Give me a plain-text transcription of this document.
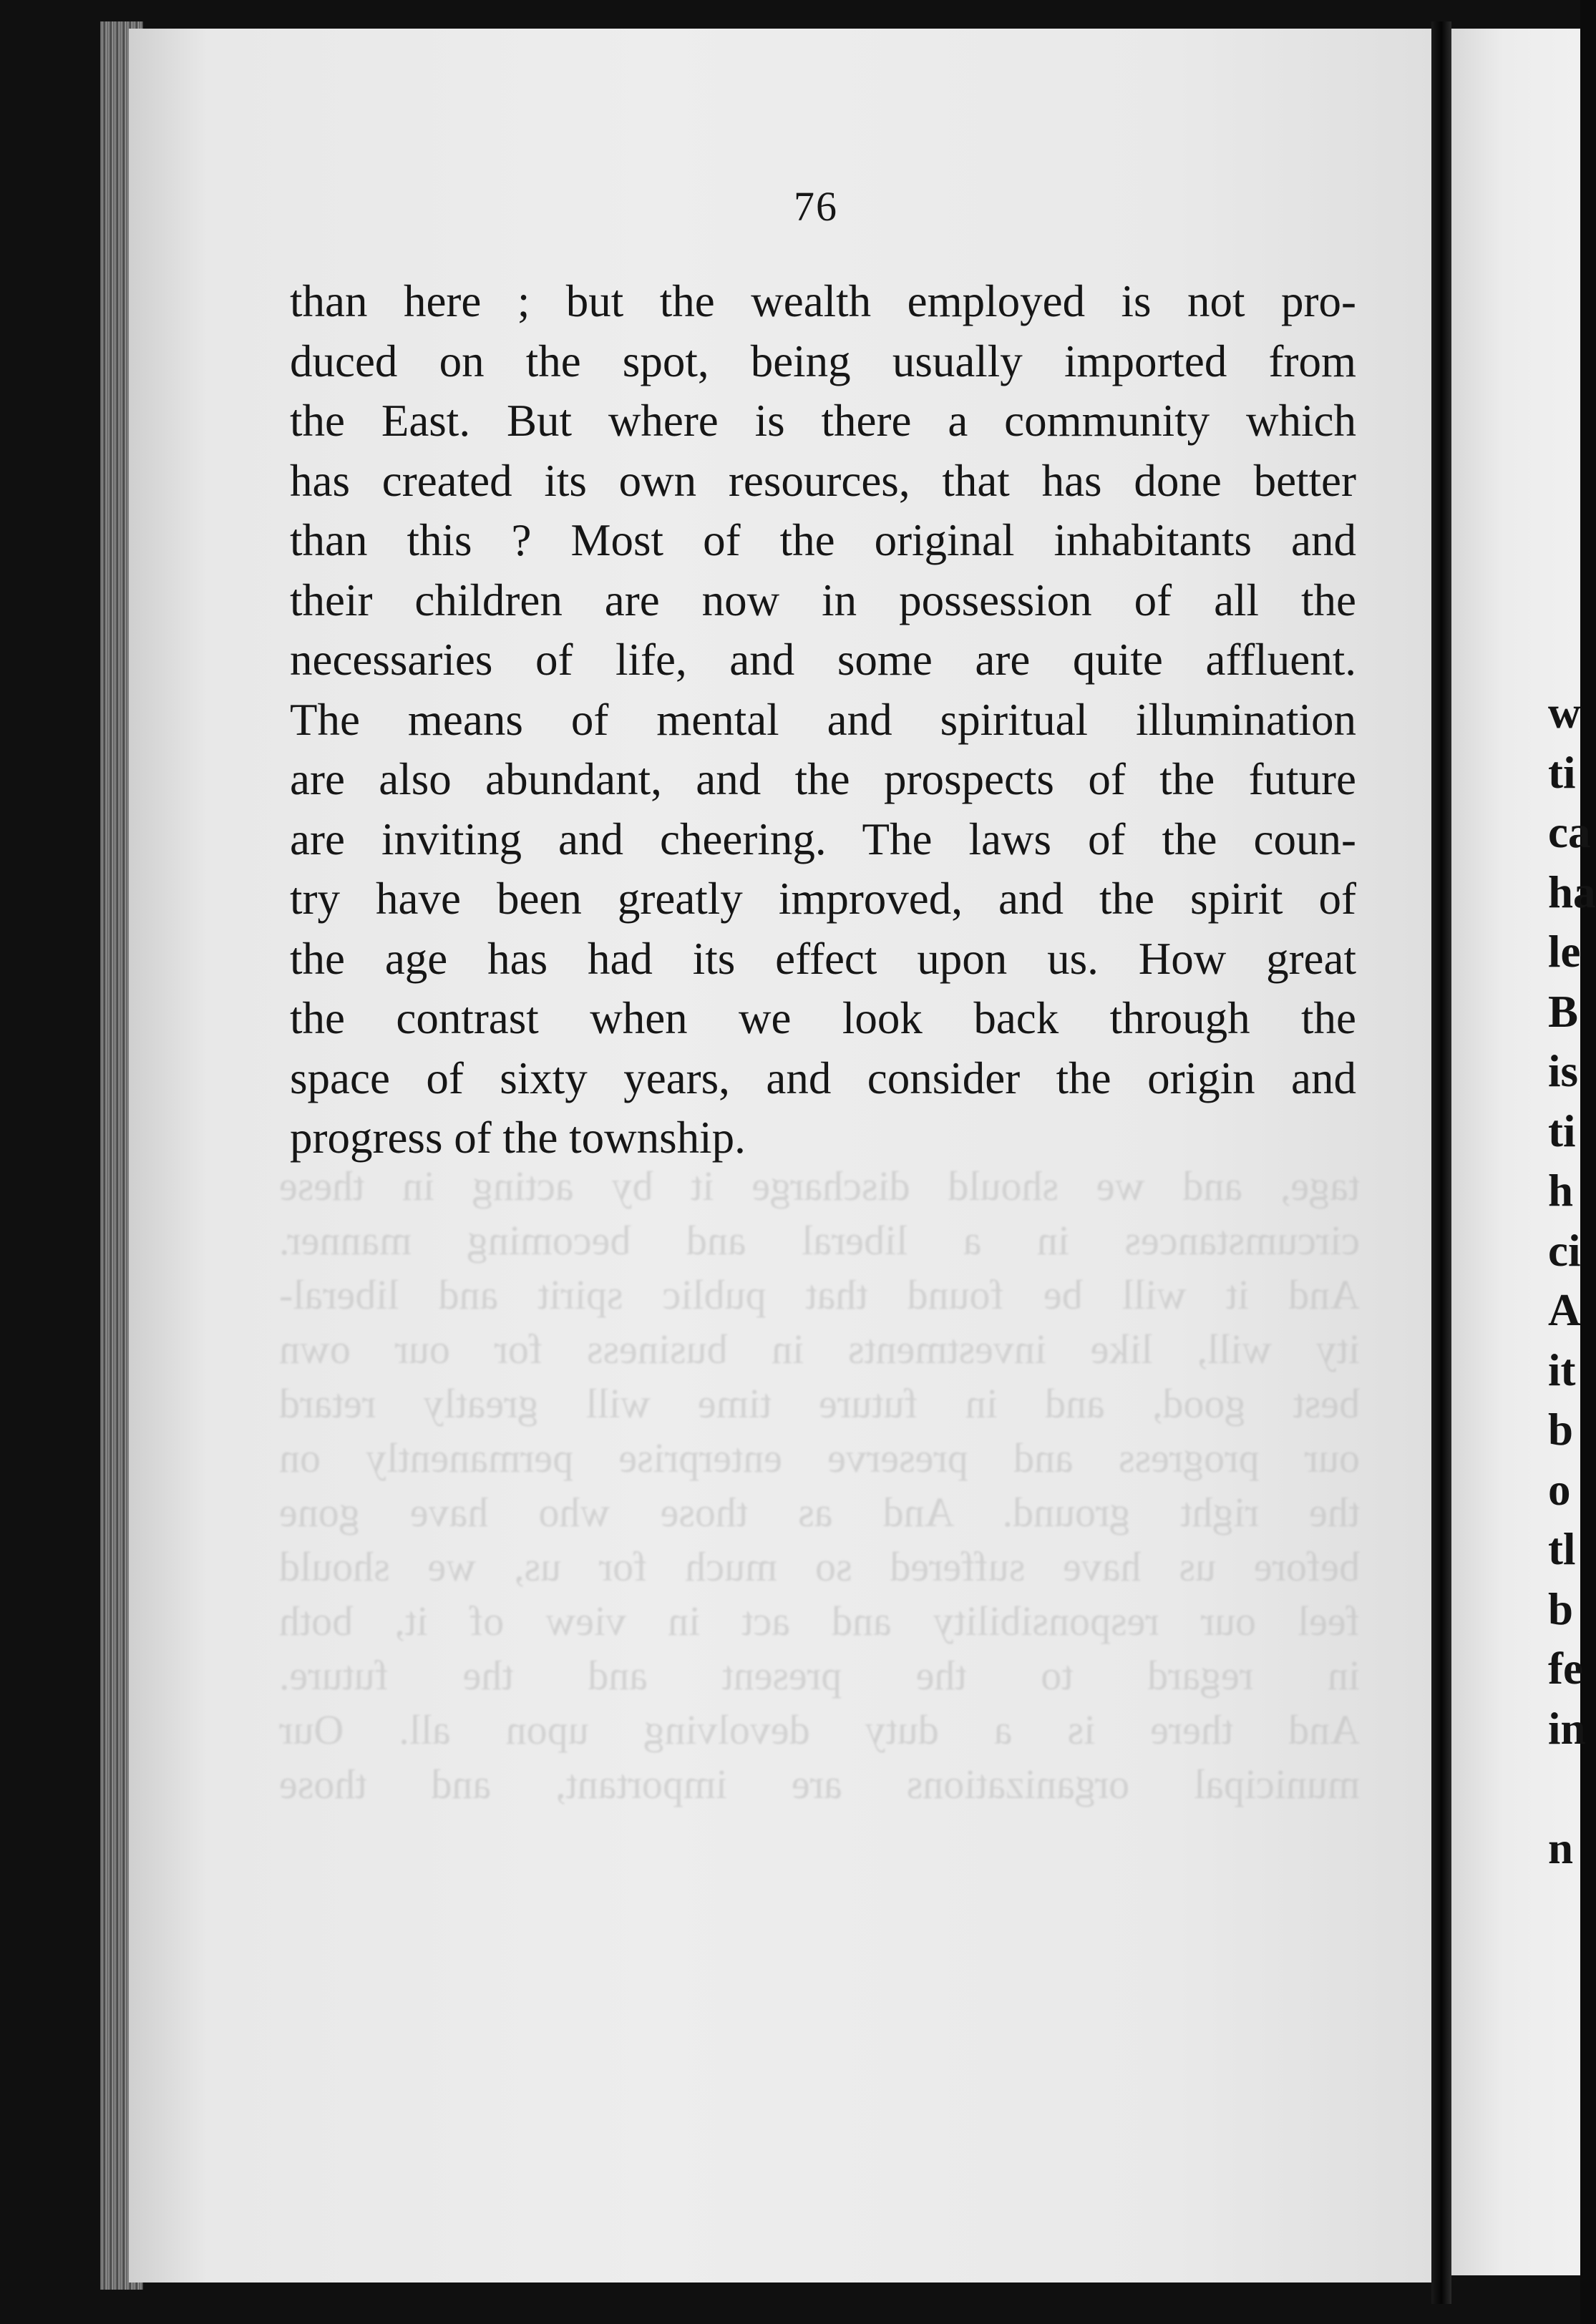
tage, and we should discharge it by acting in these
circumstances in a liberal and becoming manner.
And it will be found that public spirit and liberal-
ity will, like investments in business for our own
best good, and in future time will greatly retard
our progress and preserve enterprise permanently on
the right ground. And as those who have gone
before us have suffered so much for us, we should
feel our responsibility and act in view of it, both
in regard to the present and the future.
And there is a duty devolving upon all. Our
municipal organizations are important, and those
76
than here ; but the wealth employed is not pro-
duced on the spot, being usually imported from
the East. But where is there a community which
has created its own resources, that has done better
than this ? Most of the original inhabitants and
their children are now in possession of all the
necessaries of life, and some are quite affluent.
The means of mental and spiritual illumination
are also abundant, and the prospects of the future
are inviting and cheering. The laws of the coun-
try have been greatly improved, and the spirit of
the age has had its effect upon us. How great
the contrast when we look back through the
space of sixty years, and consider the origin and
progress of the township.
w
ti
ca
ha
le
B
is
ti
h
ci
A
it
b
o
tl
b
fe
in
n
